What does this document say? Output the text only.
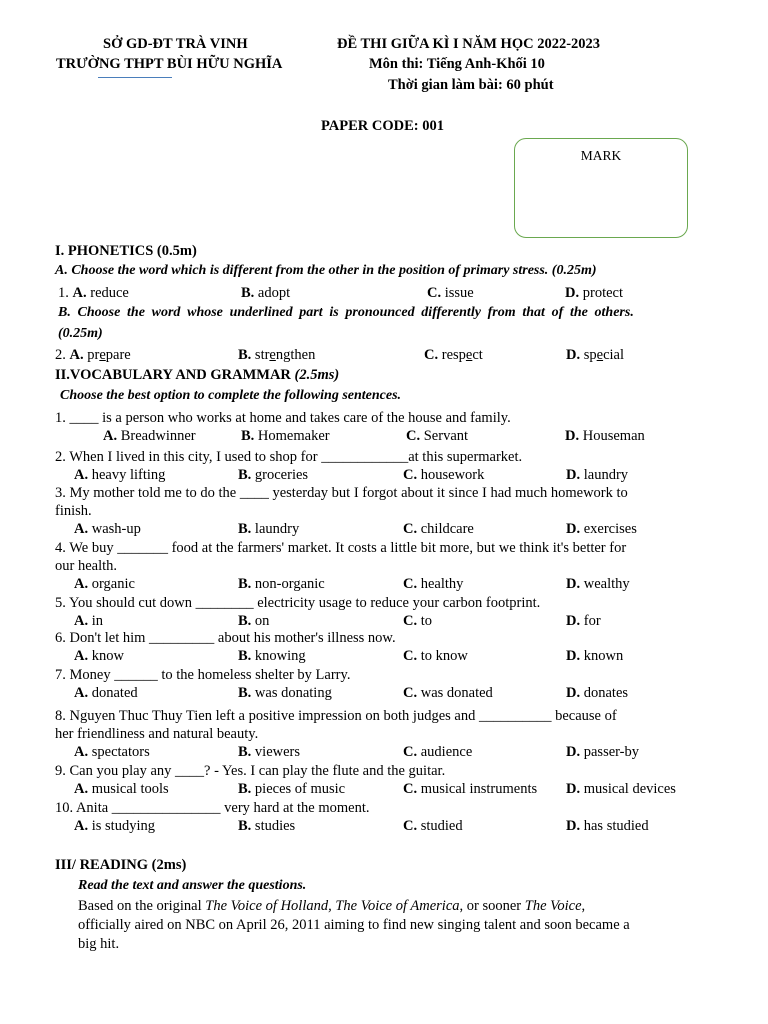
SỞ GD-ĐT TRÀ VINH
TRƯỜNG THPT BÙI HỮU NGHĨA
ĐỀ THI GIỮA KÌ I NĂM HỌC 2022-2023
Môn thi: Tiếng Anh-Khối 10
Thời gian làm bài: 60 phút
PAPER CODE: 001
MARK
I. PHONETICS (0.5m)
A. Choose the word which is different from the other in the position of primary stress. (0.25m)
1. A. reduce	B. adopt	C. issue	D. protect
B. Choose the word whose underlined part is pronounced differently from that of the others.
(0.25m)
2. A. prepare	B. strengthen	C. respect	D. special
II.VOCABULARY AND GRAMMAR (2.5ms)
Choose the best option to complete the following sentences.
1. ____ is a person who works at home and takes care of the house and family.
A. Breadwinner	B. Homemaker	C. Servant	D. Houseman
2. When I lived in this city, I used to shop for ____________at this supermarket.
A. heavy lifting	B. groceries	C. housework	D. laundry
3. My mother told me to do the ____ yesterday but I forgot about it since I had much homework to
finish.
A. wash-up	B. laundry	C. childcare	D. exercises
4. We buy _______ food at the farmers' market. It costs a little bit more, but we think it's better for
our health.
A. organic	B. non-organic	C. healthy	D. wealthy
5. You should cut down ________ electricity usage to reduce your carbon footprint.
A. in	B. on	C. to	D. for
6. Don't let him _________ about his mother's illness now.
A. know	B. knowing	C. to know	D. known
7. Money ______ to the homeless shelter by Larry.
A. donated	B. was donating	C. was donated	D. donates
8. Nguyen Thuc Thuy Tien left a positive impression on both judges and __________ because of
her friendliness and natural beauty.
A. spectators	B. viewers	C. audience	D. passer-by
9. Can you play any ____? - Yes. I can play the flute and the guitar.
A. musical tools	B. pieces of music	C. musical instruments D. musical devices
10. Anita _______________ very hard at the moment.
A. is studying	B. studies	C. studied	D. has studied
III/ READING (2ms)
Read the text and answer the questions.
Based on the original The Voice of Holland, The Voice of America, or sooner The Voice,
officially aired on NBC on April 26, 2011 aiming to find new singing talent and soon became a
big hit.
